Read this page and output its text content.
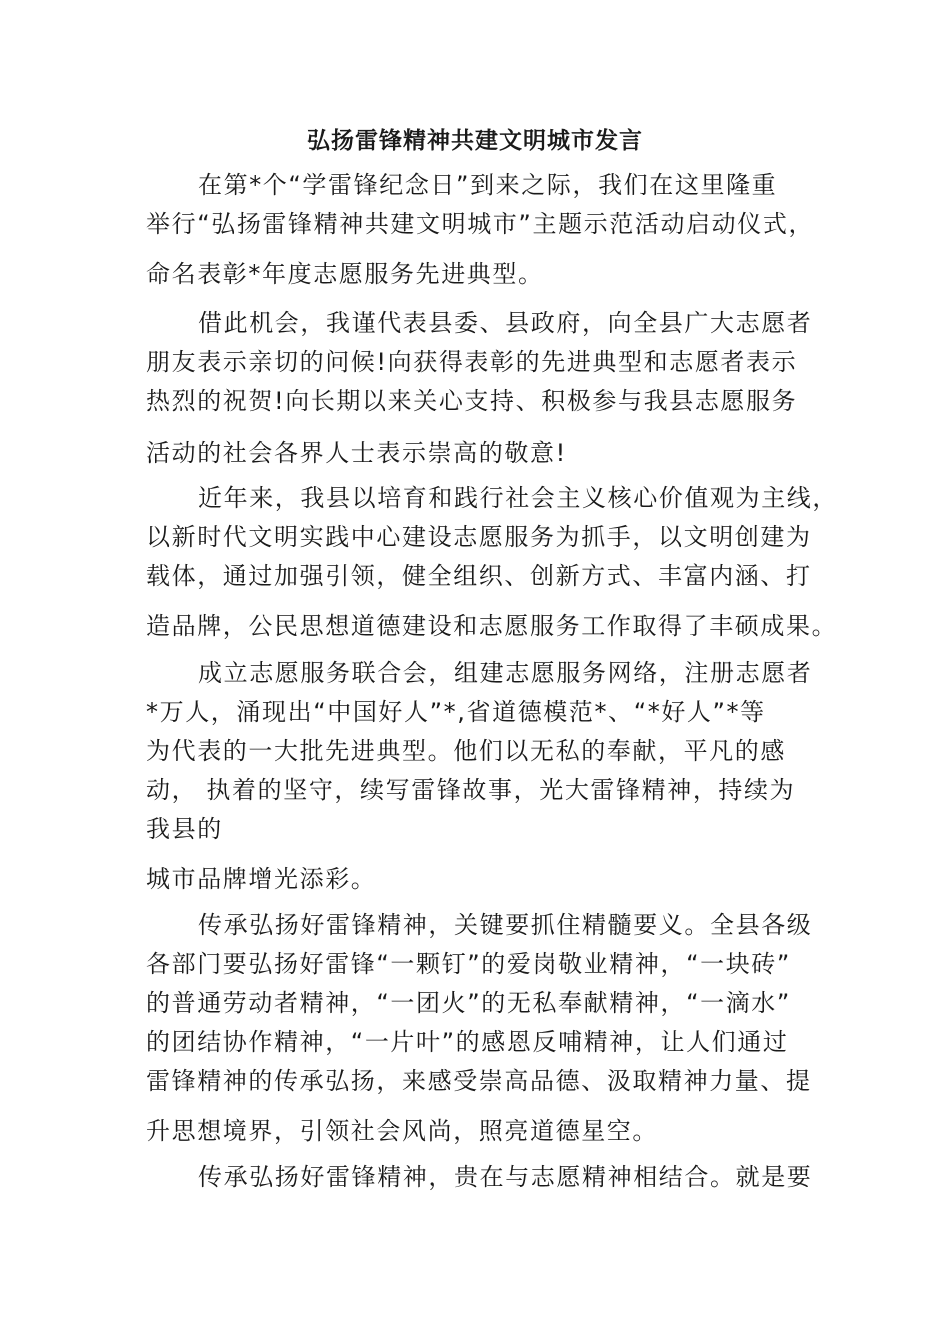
弘扬雷锋精神共建文明城市发言
在第*个“学雷锋纪念日”到来之际，我们在这里隆重
举行“弘扬雷锋精神共建文明城市”主题示范活动启动仪式，
命名表彰*年度志愿服务先进典型。
借此机会，我谨代表县委、县政府，向全县广大志愿者
朋友表示亲切的问候!向获得表彰的先进典型和志愿者表示
热烈的祝贺!向长期以来关心支持、积极参与我县志愿服务
活动的社会各界人士表示崇高的敬意!
近年来，我县以培育和践行社会主义核心价值观为主线，
以新时代文明实践中心建设志愿服务为抓手，以文明创建为
载体，通过加强引领，健全组织、创新方式、丰富内涵、打
造品牌，公民思想道德建设和志愿服务工作取得了丰硕成果。
成立志愿服务联合会，组建志愿服务网络，注册志愿者
*万人，涌现出“中国好人”*,省道德模范*、“*好人”*等
为代表的一大批先进典型。他们以无私的奉献，平凡的感
动， 执着的坚守，续写雷锋故事，光大雷锋精神，持续为
我县的
城市品牌增光添彩。
传承弘扬好雷锋精神，关键要抓住精髓要义。全县各级
各部门要弘扬好雷锋“一颗钉”的爱岗敬业精神，“一块砖”
的普通劳动者精神，“一团火”的无私奉献精神，“一滴水”
的团结协作精神，“一片叶”的感恩反哺精神，让人们通过
雷锋精神的传承弘扬，来感受崇高品德、汲取精神力量、提
升思想境界，引领社会风尚，照亮道德星空。
传承弘扬好雷锋精神，贵在与志愿精神相结合。就是要
